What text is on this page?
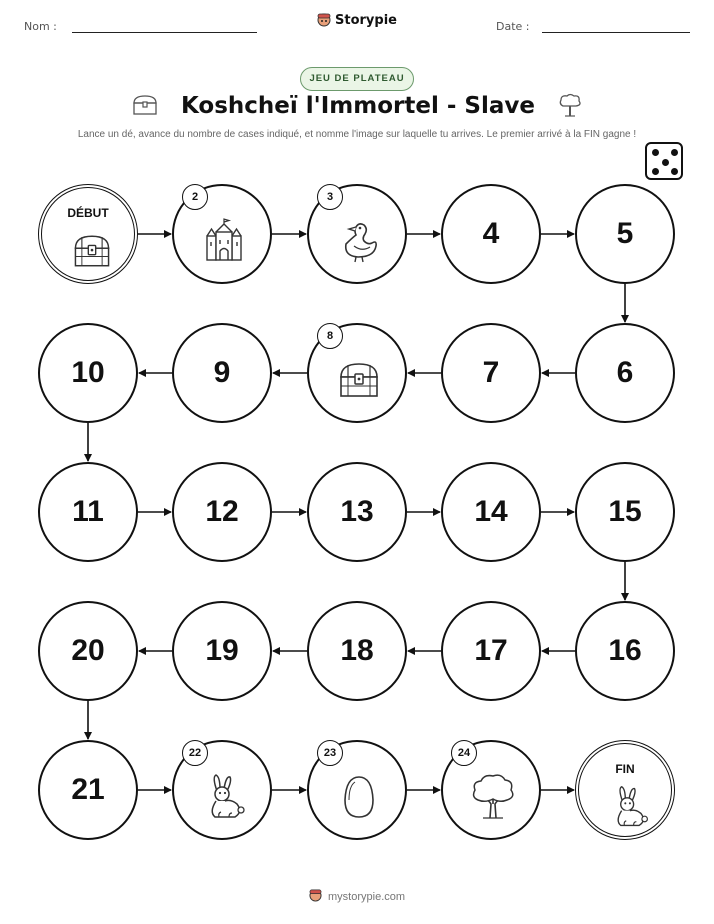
Nom :	Date :
Storypie
JEU DE PLATEAU
Koshcheï l'Immortel - Slave
Lance un dé, avance du nombre de cases indiqué, et nomme l'image sur laquelle tu arrives. Le premier arrivé à la FIN gagne !
DÉBUT
2	3
4	5
6
7
8
9
10
11	12	13	14	15
16
17
18
19
20
21
22	23	24
FIN
mystorypie.com
